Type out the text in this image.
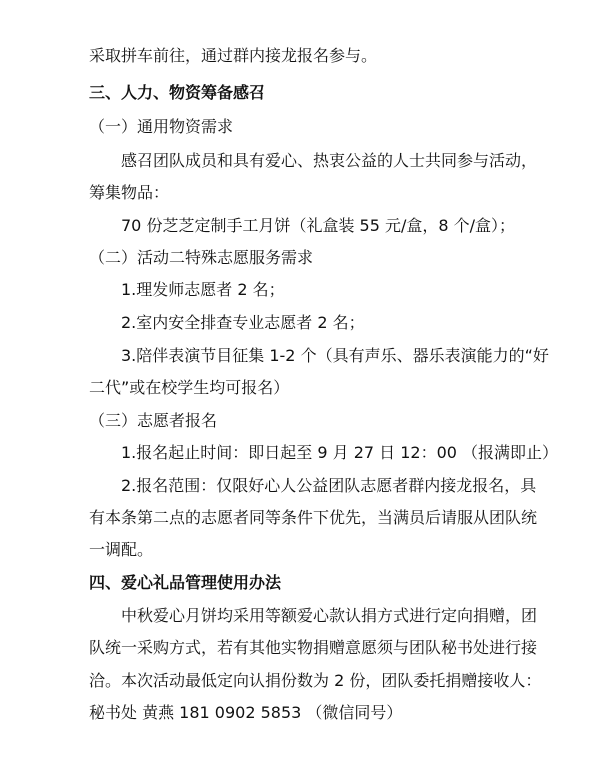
采取拼车前往，通过群内接龙报名参与。
三、人力、物资筹备感召
（一）通用物资需求
感召团队成员和具有爱心、热衷公益的人士共同参与活动，
筹集物品：
70 份芝芝定制手工月饼（礼盒装 55 元/盒，8 个/盒）；
（二）活动二特殊志愿服务需求
1.理发师志愿者 2 名；
2.室内安全排查专业志愿者 2 名；
3.陪伴表演节目征集 1-2 个（具有声乐、器乐表演能力的“好
二代”或在校学生均可报名）
（三）志愿者报名
1.报名起止时间：即日起至 9 月 27 日 12：00 （报满即止）
2.报名范围：仅限好心人公益团队志愿者群内接龙报名，具
有本条第二点的志愿者同等条件下优先，当满员后请服从团队统
一调配。
四、爱心礼品管理使用办法
中秋爱心月饼均采用等额爱心款认捐方式进行定向捐赠，团
队统一采购方式，若有其他实物捐赠意愿须与团队秘书处进行接
洽。本次活动最低定向认捐份数为 2 份，团队委托捐赠接收人：
秘书处 黄燕 181 0902 5853 （微信同号）
